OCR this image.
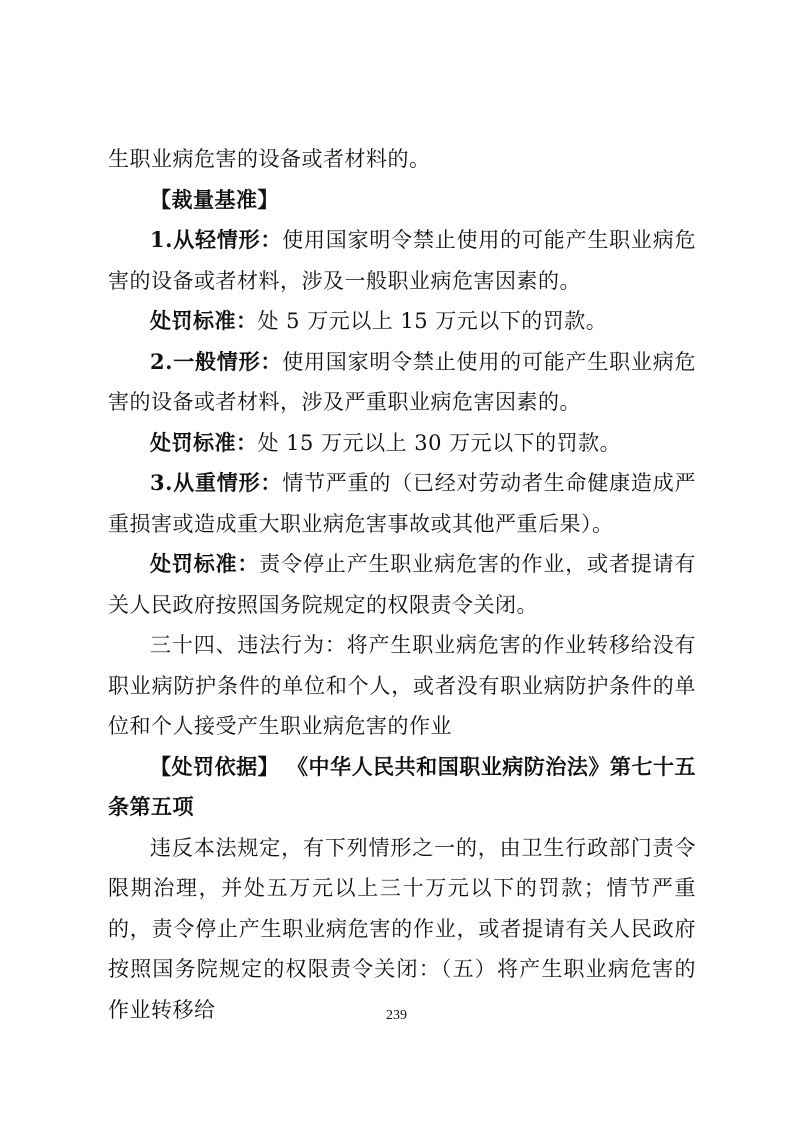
生职业病危害的设备或者材料的。

【裁量基准】

1.从轻情形：使用国家明令禁止使用的可能产生职业病危害的设备或者材料，涉及一般职业病危害因素的。

处罚标准：处 5 万元以上 15 万元以下的罚款。

2.一般情形：使用国家明令禁止使用的可能产生职业病危害的设备或者材料，涉及严重职业病危害因素的。

处罚标准：处 15 万元以上 30 万元以下的罚款。

3.从重情形：情节严重的（已经对劳动者生命健康造成严重损害或造成重大职业病危害事故或其他严重后果）。

处罚标准：责令停止产生职业病危害的作业，或者提请有关人民政府按照国务院规定的权限责令关闭。

三十四、违法行为：将产生职业病危害的作业转移给没有职业病防护条件的单位和个人，或者没有职业病防护条件的单位和个人接受产生职业病危害的作业

【处罚依据】 《中华人民共和国职业病防治法》第七十五条第五项

违反本法规定，有下列情形之一的，由卫生行政部门责令限期治理，并处五万元以上三十万元以下的罚款；情节严重的，责令停止产生职业病危害的作业，或者提请有关人民政府按照国务院规定的权限责令关闭：（五）将产生职业病危害的作业转移给	239
